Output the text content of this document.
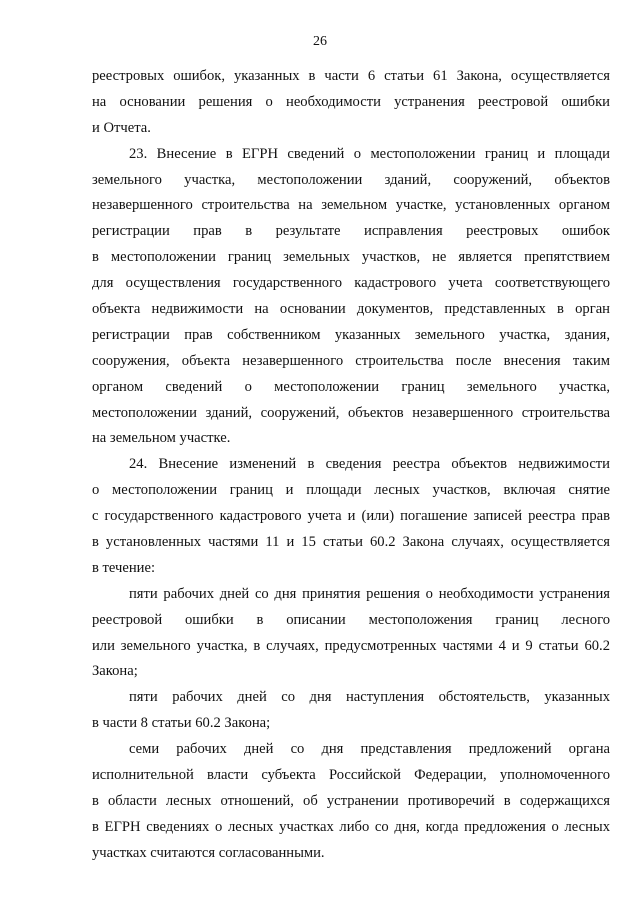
26
реестровых ошибок, указанных в части 6 статьи 61 Закона, осуществляется
на основании решения о необходимости устранения реестровой ошибки
и Отчета.
23. Внесение в ЕГРН сведений о местоположении границ и площади
земельного участка, местоположении зданий, сооружений, объектов
незавершенного строительства на земельном участке, установленных органом
регистрации прав в результате исправления реестровых ошибок
в местоположении границ земельных участков, не является препятствием
для осуществления государственного кадастрового учета соответствующего
объекта недвижимости на основании документов, представленных в орган
регистрации прав собственником указанных земельного участка, здания,
сооружения, объекта незавершенного строительства после внесения таким
органом сведений о местоположении границ земельного участка,
местоположении зданий, сооружений, объектов незавершенного строительства
на земельном участке.
24. Внесение изменений в сведения реестра объектов недвижимости
о местоположении границ и площади лесных участков, включая снятие
с государственного кадастрового учета и (или) погашение записей реестра прав
в установленных частями 11 и 15 статьи 60.2 Закона случаях, осуществляется
в течение:
пяти рабочих дней со дня принятия решения о необходимости устранения
реестровой ошибки в описании местоположения границ лесного
или земельного участка, в случаях, предусмотренных частями 4 и 9 статьи 60.2
Закона;
пяти рабочих дней со дня наступления обстоятельств, указанных
в части 8 статьи 60.2 Закона;
семи рабочих дней со дня представления предложений органа
исполнительной власти субъекта Российской Федерации, уполномоченного
в области лесных отношений, об устранении противоречий в содержащихся
в ЕГРН сведениях о лесных участках либо со дня, когда предложения о лесных
участках считаются согласованными.
